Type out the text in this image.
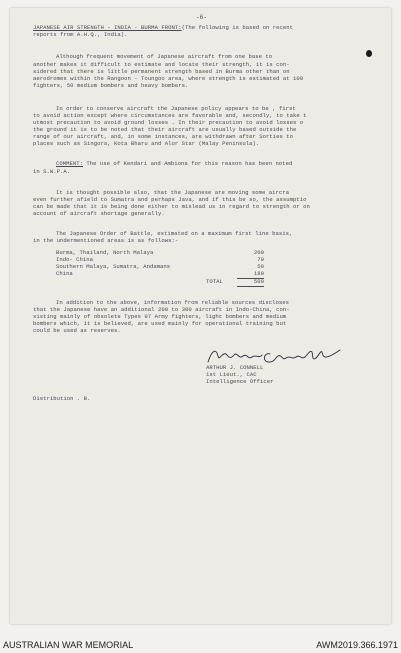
-6-
JAPANESE AIR STRENGTH - INDIA - BURMA FRONT:(The following is based on recent
reports from A.H.Q., India).
Although frequent movement of Japanese aircraft from one base to
another makes it difficult to estimate and locate their strength, it is con-
sidered that there is little permanent strength based in Burma other than on
aerodromes within the Rangoon - Toungoo area, where strength is estimated at 100
fighters, 50 medium bombers and heavy bombers.
In order to conserve aircraft the Japanese policy appears to be , first
to avoid action except where circumstances are favorable and, secondly, to take t
utmost precaution to avoid ground losses . In their precaution to avoid losses o
the ground it is to be noted that their aircraft are usually based outside the
range of our aircraft, and, in some instances, are withdrawn after Sorties to
places such as Singora, Kota Bharu and Alor Star (Malay Peninsula).
COMMENT: The use of Kendari and Ambiona for this reason has been noted
in S.W.P.A.
It is thought possible also, that the Japanese are moving some aircra
even further afield to Sumatra and perhaps Java, and if this be so, the assumptio
can be made that it is being done either to mislead us in regard to strength or on
account of aircraft shortage generally.
The Japanese Order of Battle, estimated on a maximum first line basis,
in the undermentioned areas is as follows:-
Burma, Thailand, North Malaya	200
Indo- China	70
Southern Malaya, Sumatra, Andamans	50
China	180
TOTAL	500
In addition to the above, information from reliable sources discloses
that the Japanese have an additional 200 to 300 aircraft in Indo-China, con-
sisting mainly of obsolete Types 97 Army fighters, light bombers and medium
bombers which, it is believed, are used mainly for operational training but
could be used as reserves.
ARTHUR J. CONNELL
1st Lieut., CAC
Intelligence Officer
Distribution . B.
AUSTRALIAN WAR MEMORIAL	AWM2019.366.1971
